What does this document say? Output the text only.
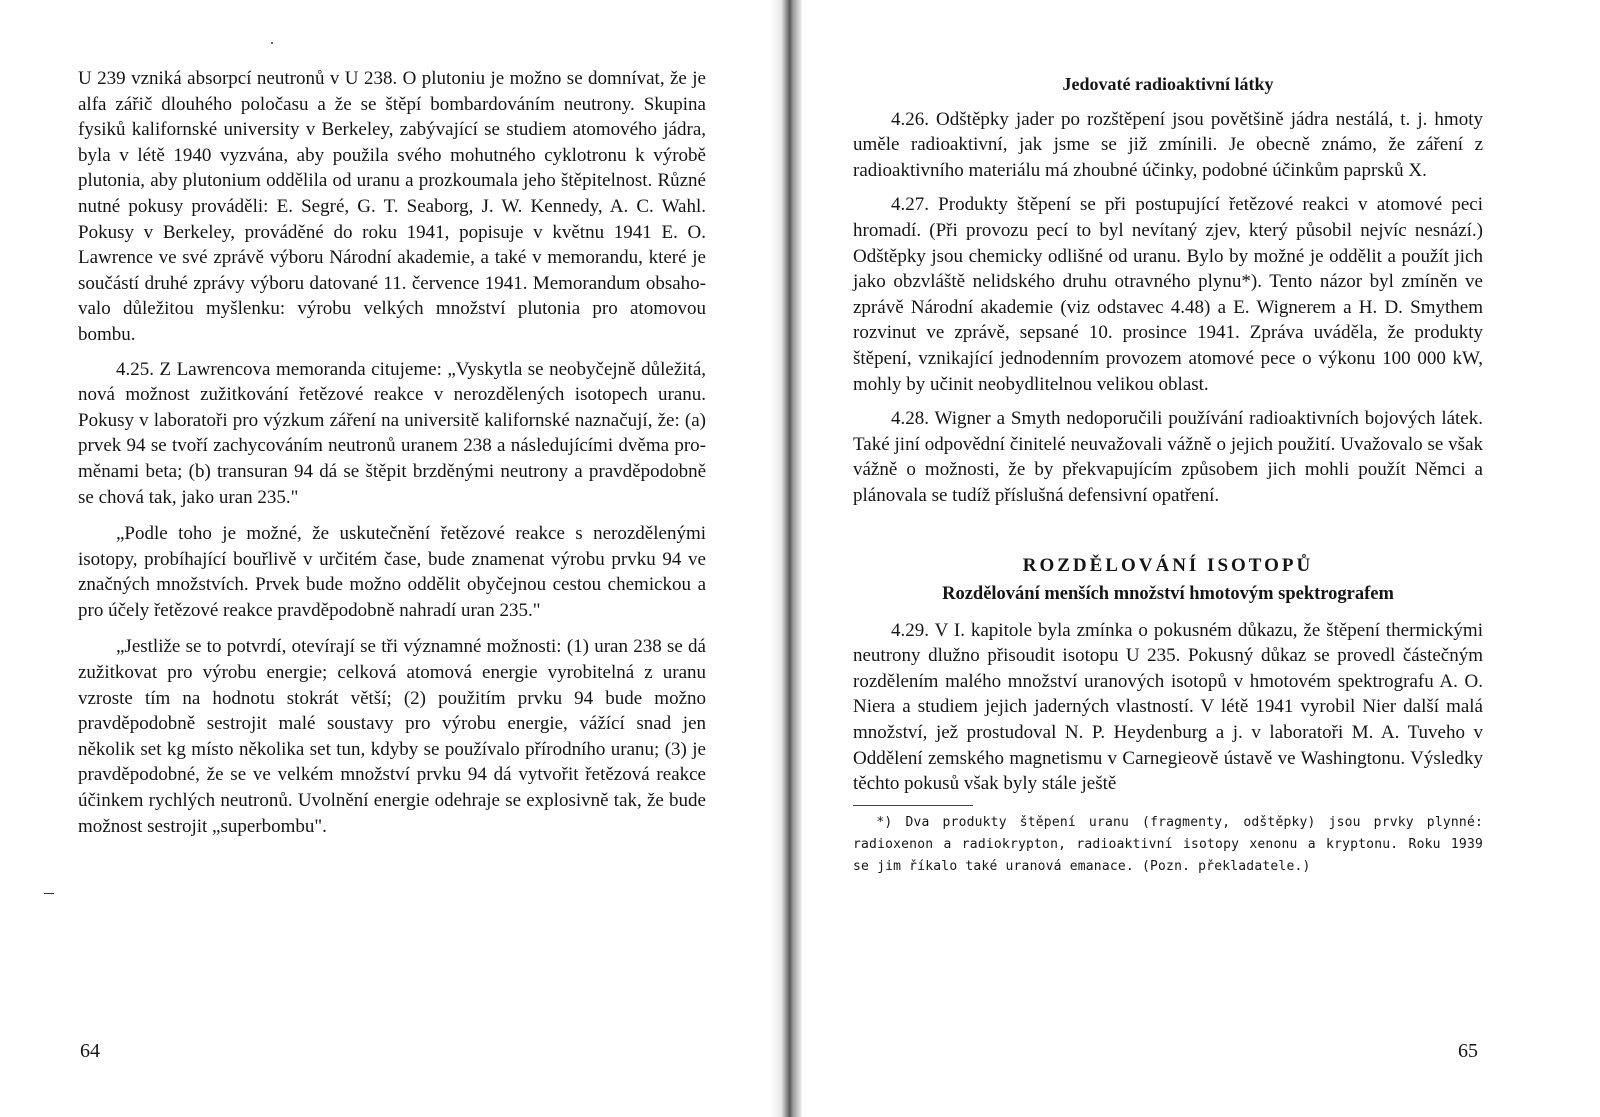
U 239 vzniká absorpcí neutronů v U 238. O plutoniu je možno se domnívat, že je alfa zářič dlouhého poločasu a že se štěpí bombardováním neutrony. Skupina fysiků kalifornské university v Berkeley, zabývající se studiem atomového jádra, byla v létě 1940 vyzvána, aby použila svého mohutného cyklotronu k výrobě plutonia, aby plutonium oddělila od uranu a prozkoumala jeho štěpitelnost. Různé nutné pokusy prováděli: E. Segré, G. T. Seaborg, J. W. Kennedy, A. C. Wahl. Pokusy v Berkeley, prováděné do roku 1941, popisuje v květnu 1941 E. O. Lawrence ve své zprávě výboru Národní akademie, a také v memorandu, které je součástí druhé zprávy výboru datované 11. července 1941. Memorandum obsahovalo důležitou myšlenku: výrobu velkých množství plutonia pro atomovou bombu.

4.25. Z Lawrencova memoranda citujeme: „Vyskytla se neobyčejně důležitá, nová možnost zužitkování řetězové reakce v nerozdělených isotopech uranu. Pokusy v laboratoři pro výzkum záření na universitě kalifornské naznačují, že: (a) prvek 94 se tvoří zachycováním neutronů uranem 238 a následujícími dvěma proměnami beta; (b) transuran 94 dá se štěpit brzděnými neutrony a pravděpodobně se chová tak, jako uran 235."

„Podle toho je možné, že uskutečnění řetězové reakce s nerozdělenými isotopy, probíhající bouřlivě v určitém čase, bude znamenat výrobu prvku 94 ve značných množstvích. Prvek bude možno oddělit obyčejnou cestou chemickou a pro účely řetězové reakce pravděpodobně nahradí uran 235."

„Jestliže se to potvrdí, otevírají se tři významné možnosti: (1) uran 238 se dá zužitkovat pro výrobu energie; celková atomová energie vyrobitelná z uranu vzroste tím na hodnotu stokrát větší; (2) použitím prvku 94 bude možno pravděpodobně sestrojit malé soustavy pro výrobu energie, vážící snad jen několik set kg místo několika set tun, kdyby se používalo přírodního uranu; (3) je pravděpodobné, že se ve velkém množství prvku 94 dá vytvořit řetězová reakce účinkem rychlých neutronů. Uvolnění energie odehraje se explosivně tak, že bude možnost sestrojit „superbombu".

64
Jedovaté radioaktivní látky

4.26. Odštěpky jader po rozštěpení jsou povětšině jádra nestálá, t. j. hmoty uměle radioaktivní, jak jsme se již zmínili. Je obecně známo, že záření z radioaktivního materiálu má zhoubné účinky, podobné účinkům paprsků X.

4.27. Produkty štěpení se při postupující řetězové reakci v atomové peci hromadí. (Při provozu pecí to byl nevítaný zjev, který působil nejvíc nesnází.) Odštěpky jsou chemicky odlišné od uranu. Bylo by možné je oddělit a použít jich jako obzvláště nelidského druhu otravného plynu*). Tento názor byl zmíněn ve zprávě Národní akademie (viz odstavec 4.48) a E. Wignerem a H. D. Smythem rozvinut ve zprávě, sepsané 10. prosince 1941. Zpráva uváděla, že produkty štěpení, vznikající jednodenním provozem atomové pece o výkonu 100 000 kW, mohly by učinit neobydlitelnou velikou oblast.

4.28. Wigner a Smyth nedoporučili používání radioaktivních bojových látek. Také jiní odpovědní činitelé neuvažovali vážně o jejich použití. Uvažovalo se však vážně o možnosti, že by překvapujícím způsobem jich mohli použít Němci a plánovala se tudíž příslušná defensivní opatření.

ROZDĚLOVÁNÍ ISOTOPŮ
Rozdělování menších množství hmotovým spektrografem

4.29. V I. kapitole byla zmínka o pokusném důkazu, že štěpení thermickými neutrony dlužno přisoudit isotopu U 235. Pokusný důkaz se provedl částečným rozdělením malého množství uranových isotopů v hmotovém spektrografu A. O. Niera a studiem jejich jaderných vlastností. V létě 1941 vyrobil Nier další malá množství, jež prostudoval N. P. Heydenburg a j. v laboratoři M. A. Tuveho v Oddělení zemského magnetismu v Carnegieově ústavě ve Washingtonu. Výsledky těchto pokusů však byly stále ještě

*) Dva produkty štěpení uranu (fragmenty, odštěpky) jsou prvky plynné: radioxenon a radiokrypton, radioaktivní isotopy xenonu a kryptonu. Roku 1939 se jim říkalo také uranová emanace. (Pozn. překladatele.)

65
